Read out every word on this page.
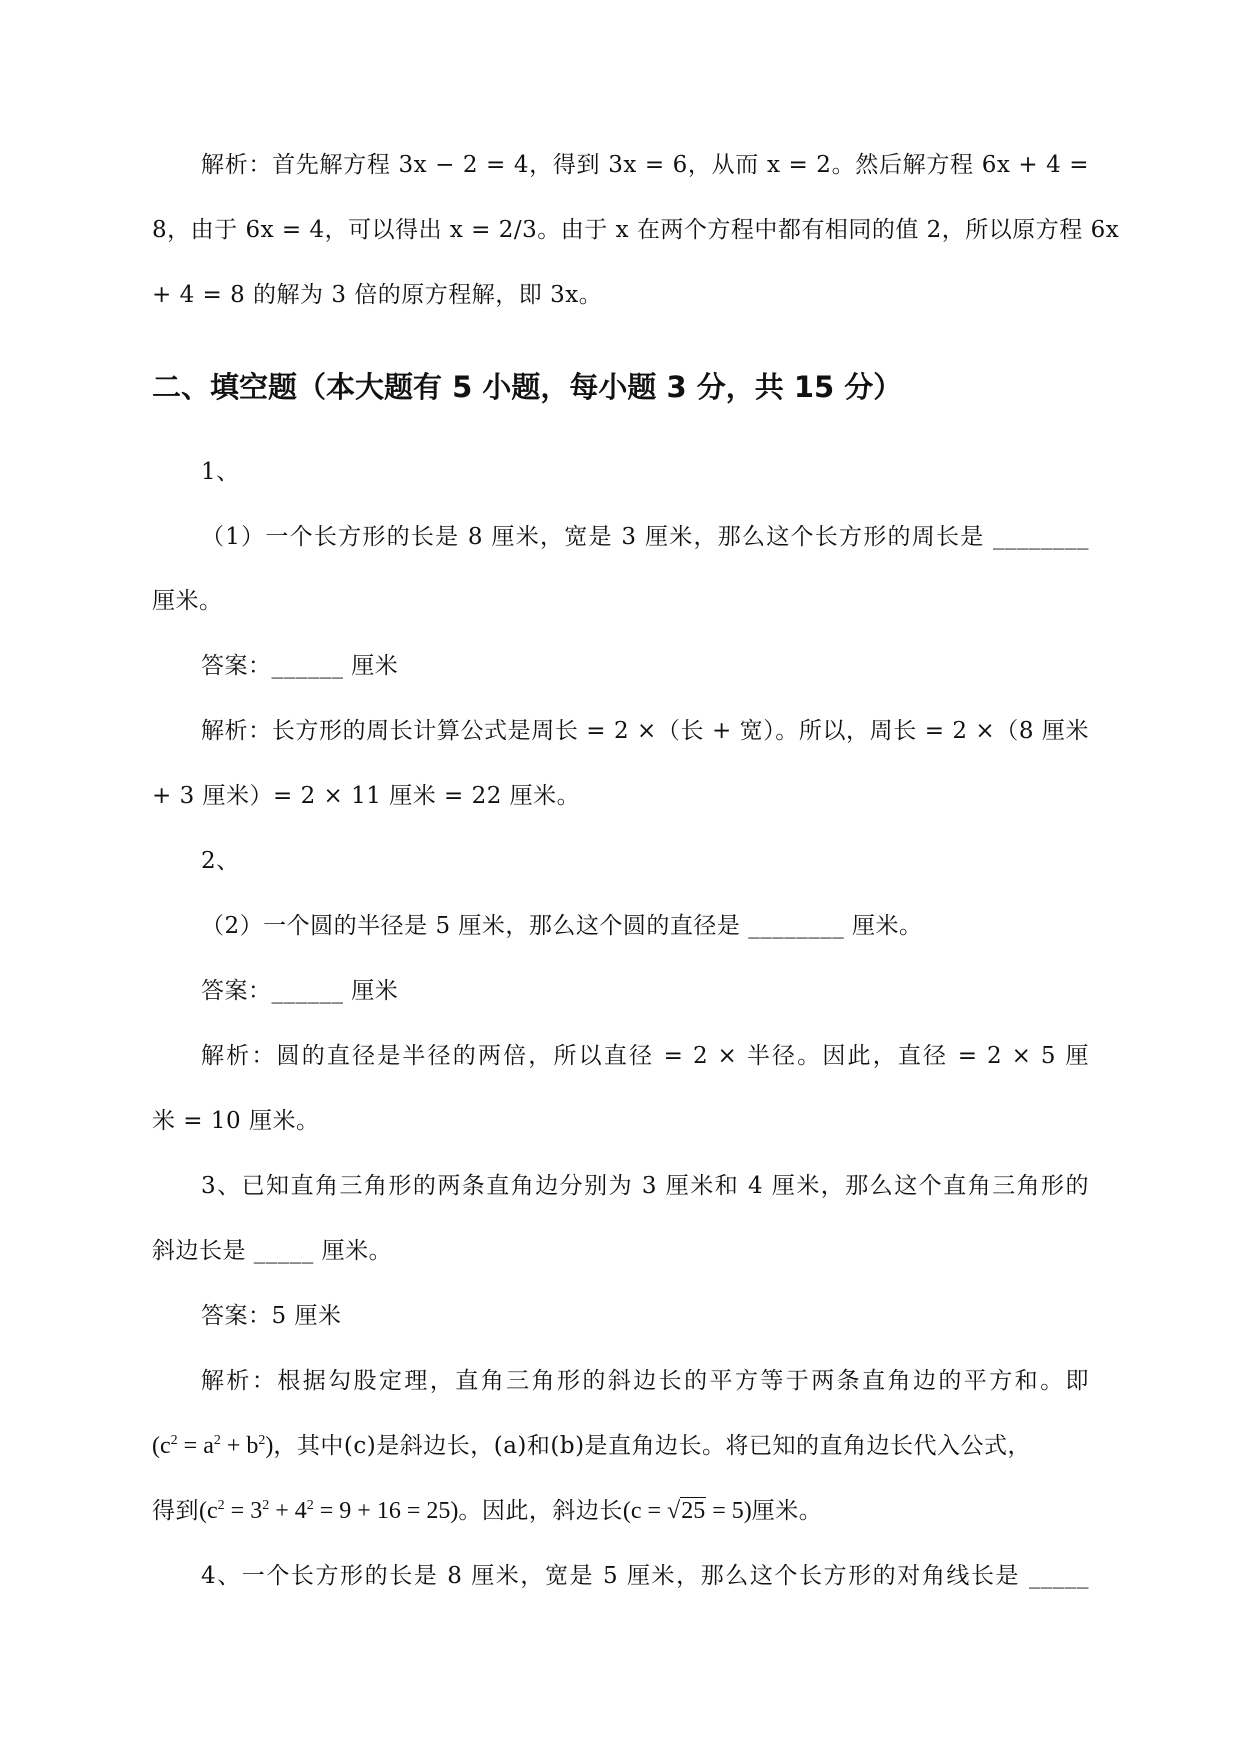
解析：首先解方程 3x − 2 = 4，得到 3x = 6，从而 x = 2。然后解方程 6x + 4 =
8，由于 6x = 4，可以得出 x = 2/3。由于 x 在两个方程中都有相同的值 2，所以原方程 6x
+ 4 = 8 的解为 3 倍的原方程解，即 3x。
二、填空题（本大题有 5 小题，每小题 3 分，共 15 分）
1、
（1）一个长方形的长是 8 厘米，宽是 3 厘米，那么这个长方形的周长是 ________
厘米。
答案：______ 厘米
解析：长方形的周长计算公式是周长 = 2 ×（长 + 宽）。所以，周长 = 2 ×（8 厘米
+ 3 厘米）= 2 × 11 厘米 = 22 厘米。
2、
（2）一个圆的半径是 5 厘米，那么这个圆的直径是 ________ 厘米。
答案：______ 厘米
解析：圆的直径是半径的两倍，所以直径 = 2 × 半径。因此，直径 = 2 × 5 厘
米 = 10 厘米。
3、已知直角三角形的两条直角边分别为 3 厘米和 4 厘米，那么这个直角三角形的
斜边长是 _____ 厘米。
答案：5 厘米
解析：根据勾股定理，直角三角形的斜边长的平方等于两条直角边的平方和。即
$(c^2 = a^2 + b^2)$，其中(c)是斜边长，(a)和(b)是直角边长。将已知的直角边长代入公式，
得到$(c^2 = 3^2 + 4^2 = 9 + 16 = 25)$。因此，斜边长(c = √25 = 5)厘米。
4、一个长方形的长是 8 厘米，宽是 5 厘米，那么这个长方形的对角线长是 _____
